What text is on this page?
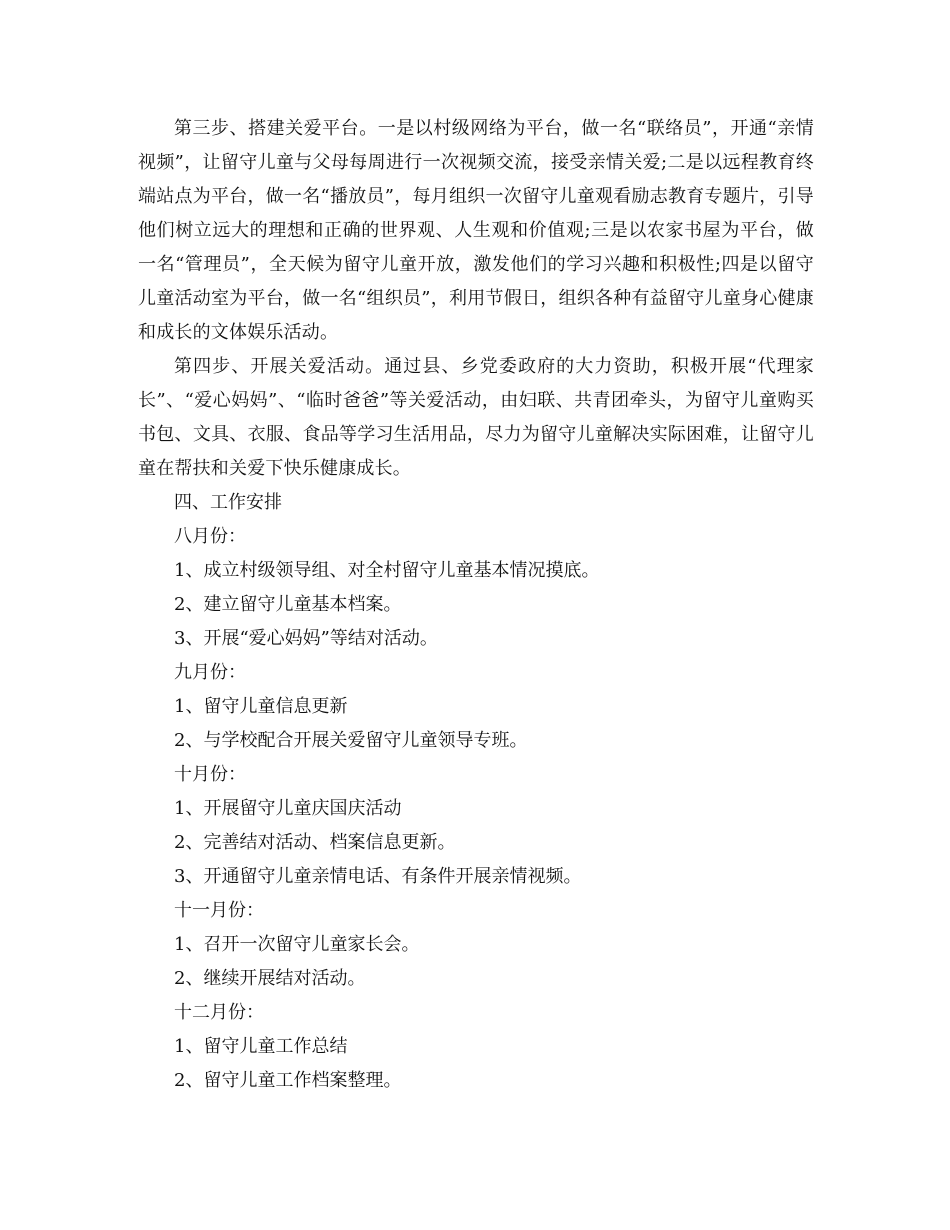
第三步、搭建关爱平台。一是以村级网络为平台，做一名“联络员”，开通“亲情视频”，让留守儿童与父母每周进行一次视频交流，接受亲情关爱;二是以远程教育终端站点为平台，做一名“播放员”，每月组织一次留守儿童观看励志教育专题片，引导他们树立远大的理想和正确的世界观、人生观和价值观;三是以农家书屋为平台，做一名“管理员”，全天候为留守儿童开放，激发他们的学习兴趣和积极性;四是以留守儿童活动室为平台，做一名“组织员”，利用节假日，组织各种有益留守儿童身心健康和成长的文体娱乐活动。

第四步、开展关爱活动。通过县、乡党委政府的大力资助，积极开展“代理家长”、“爱心妈妈”、“临时爸爸”等关爱活动，由妇联、共青团牵头，为留守儿童购买书包、文具、衣服、食品等学习生活用品，尽力为留守儿童解决实际困难，让留守儿童在帮扶和关爱下快乐健康成长。

四、工作安排

八月份：

1、成立村级领导组、对全村留守儿童基本情况摸底。

2、建立留守儿童基本档案。

3、开展“爱心妈妈”等结对活动。

九月份：

1、留守儿童信息更新

2、与学校配合开展关爱留守儿童领导专班。

十月份：

1、开展留守儿童庆国庆活动

2、完善结对活动、档案信息更新。

3、开通留守儿童亲情电话、有条件开展亲情视频。

十一月份：

1、召开一次留守儿童家长会。

2、继续开展结对活动。

十二月份：

1、留守儿童工作总结

2、留守儿童工作档案整理。
